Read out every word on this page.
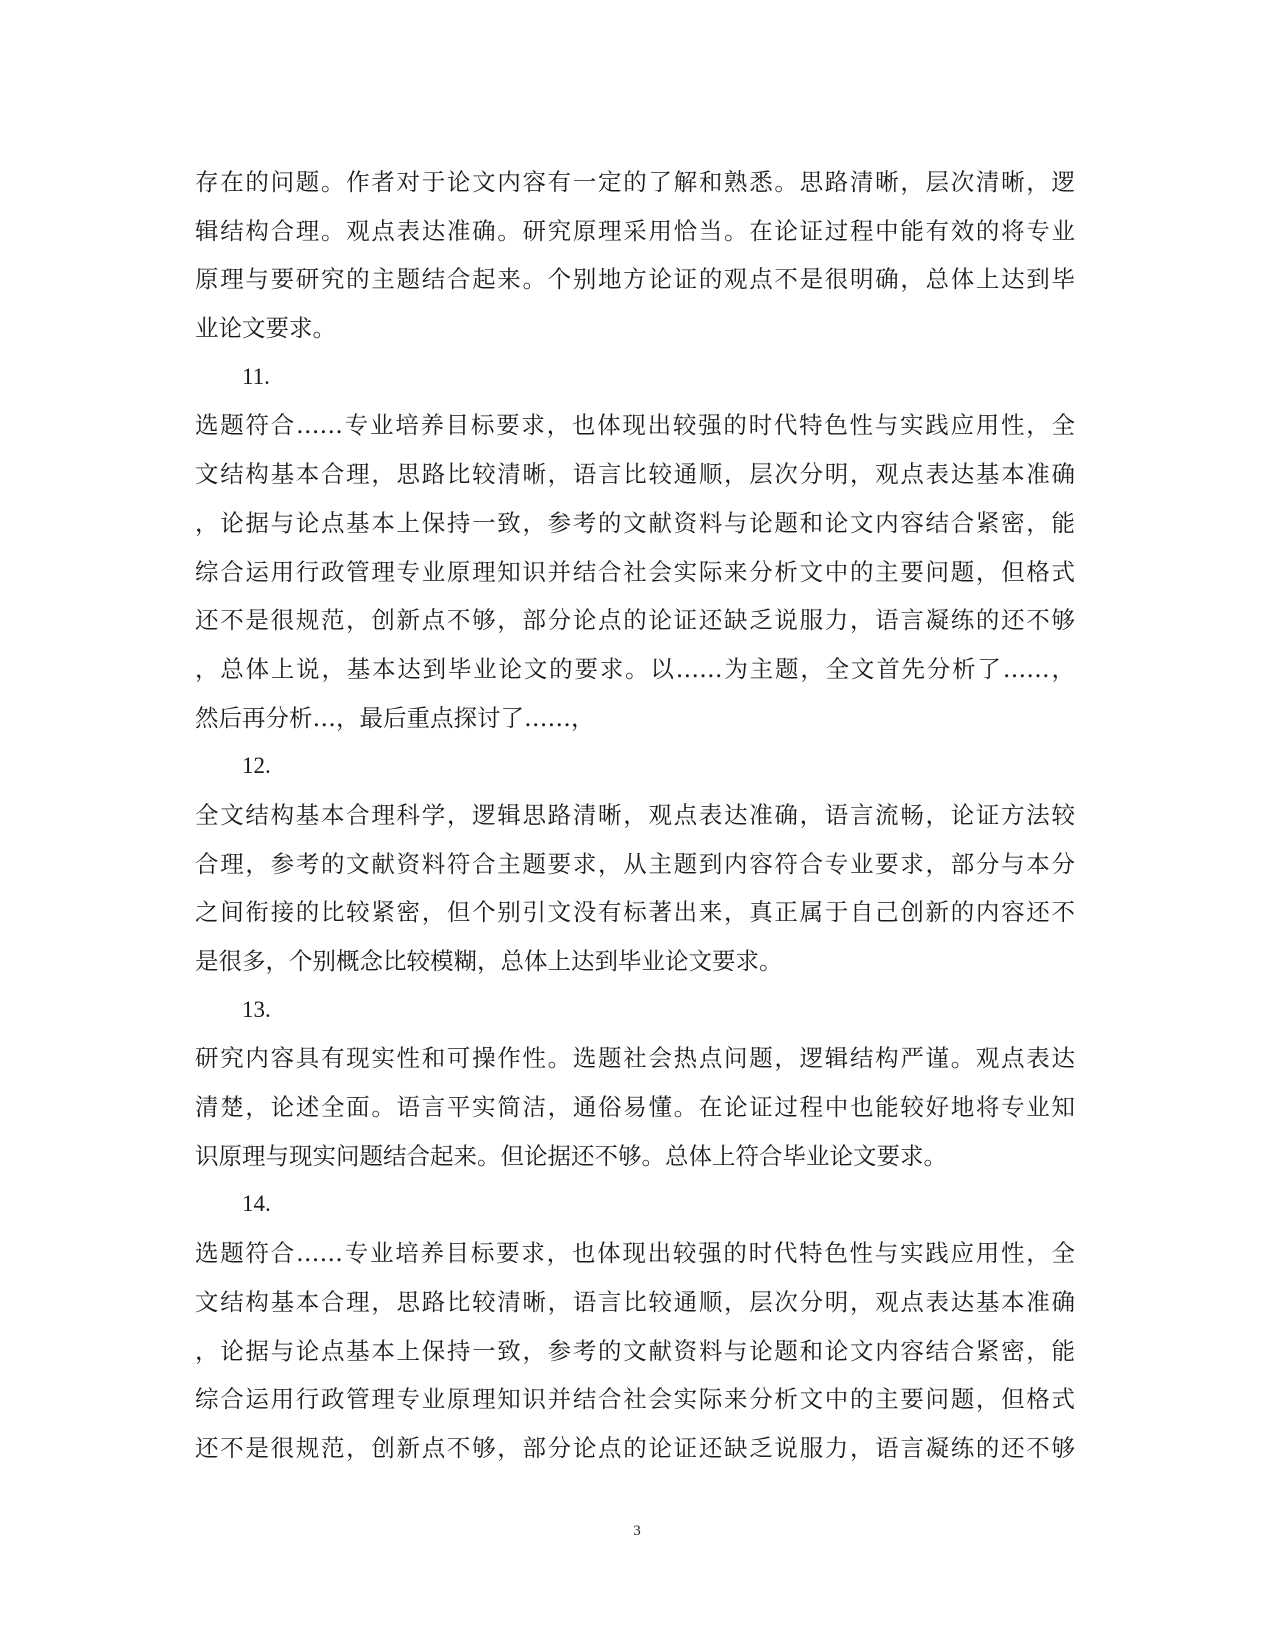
存在的问题。作者对于论文内容有一定的了解和熟悉。思路清晰，层次清晰，逻
辑结构合理。观点表达准确。研究原理采用恰当。在论证过程中能有效的将专业
原理与要研究的主题结合起来。个别地方论证的观点不是很明确，总体上达到毕
业论文要求。
11.
选题符合……专业培养目标要求，也体现出较强的时代特色性与实践应用性，全
文结构基本合理，思路比较清晰，语言比较通顺，层次分明，观点表达基本准确
，论据与论点基本上保持一致，参考的文献资料与论题和论文内容结合紧密，能
综合运用行政管理专业原理知识并结合社会实际来分析文中的主要问题，但格式
还不是很规范，创新点不够，部分论点的论证还缺乏说服力，语言凝练的还不够
，总体上说，基本达到毕业论文的要求。以……为主题，全文首先分析了……，
然后再分析…，最后重点探讨了……，
12.
全文结构基本合理科学，逻辑思路清晰，观点表达准确，语言流畅，论证方法较
合理，参考的文献资料符合主题要求，从主题到内容符合专业要求，部分与本分
之间衔接的比较紧密，但个别引文没有标著出来，真正属于自己创新的内容还不
是很多，个别概念比较模糊，总体上达到毕业论文要求。
13.
研究内容具有现实性和可操作性。选题社会热点问题，逻辑结构严谨。观点表达
清楚，论述全面。语言平实简洁，通俗易懂。在论证过程中也能较好地将专业知
识原理与现实问题结合起来。但论据还不够。总体上符合毕业论文要求。
14.
选题符合……专业培养目标要求，也体现出较强的时代特色性与实践应用性，全
文结构基本合理，思路比较清晰，语言比较通顺，层次分明，观点表达基本准确
，论据与论点基本上保持一致，参考的文献资料与论题和论文内容结合紧密，能
综合运用行政管理专业原理知识并结合社会实际来分析文中的主要问题，但格式
还不是很规范，创新点不够，部分论点的论证还缺乏说服力，语言凝练的还不够
3
